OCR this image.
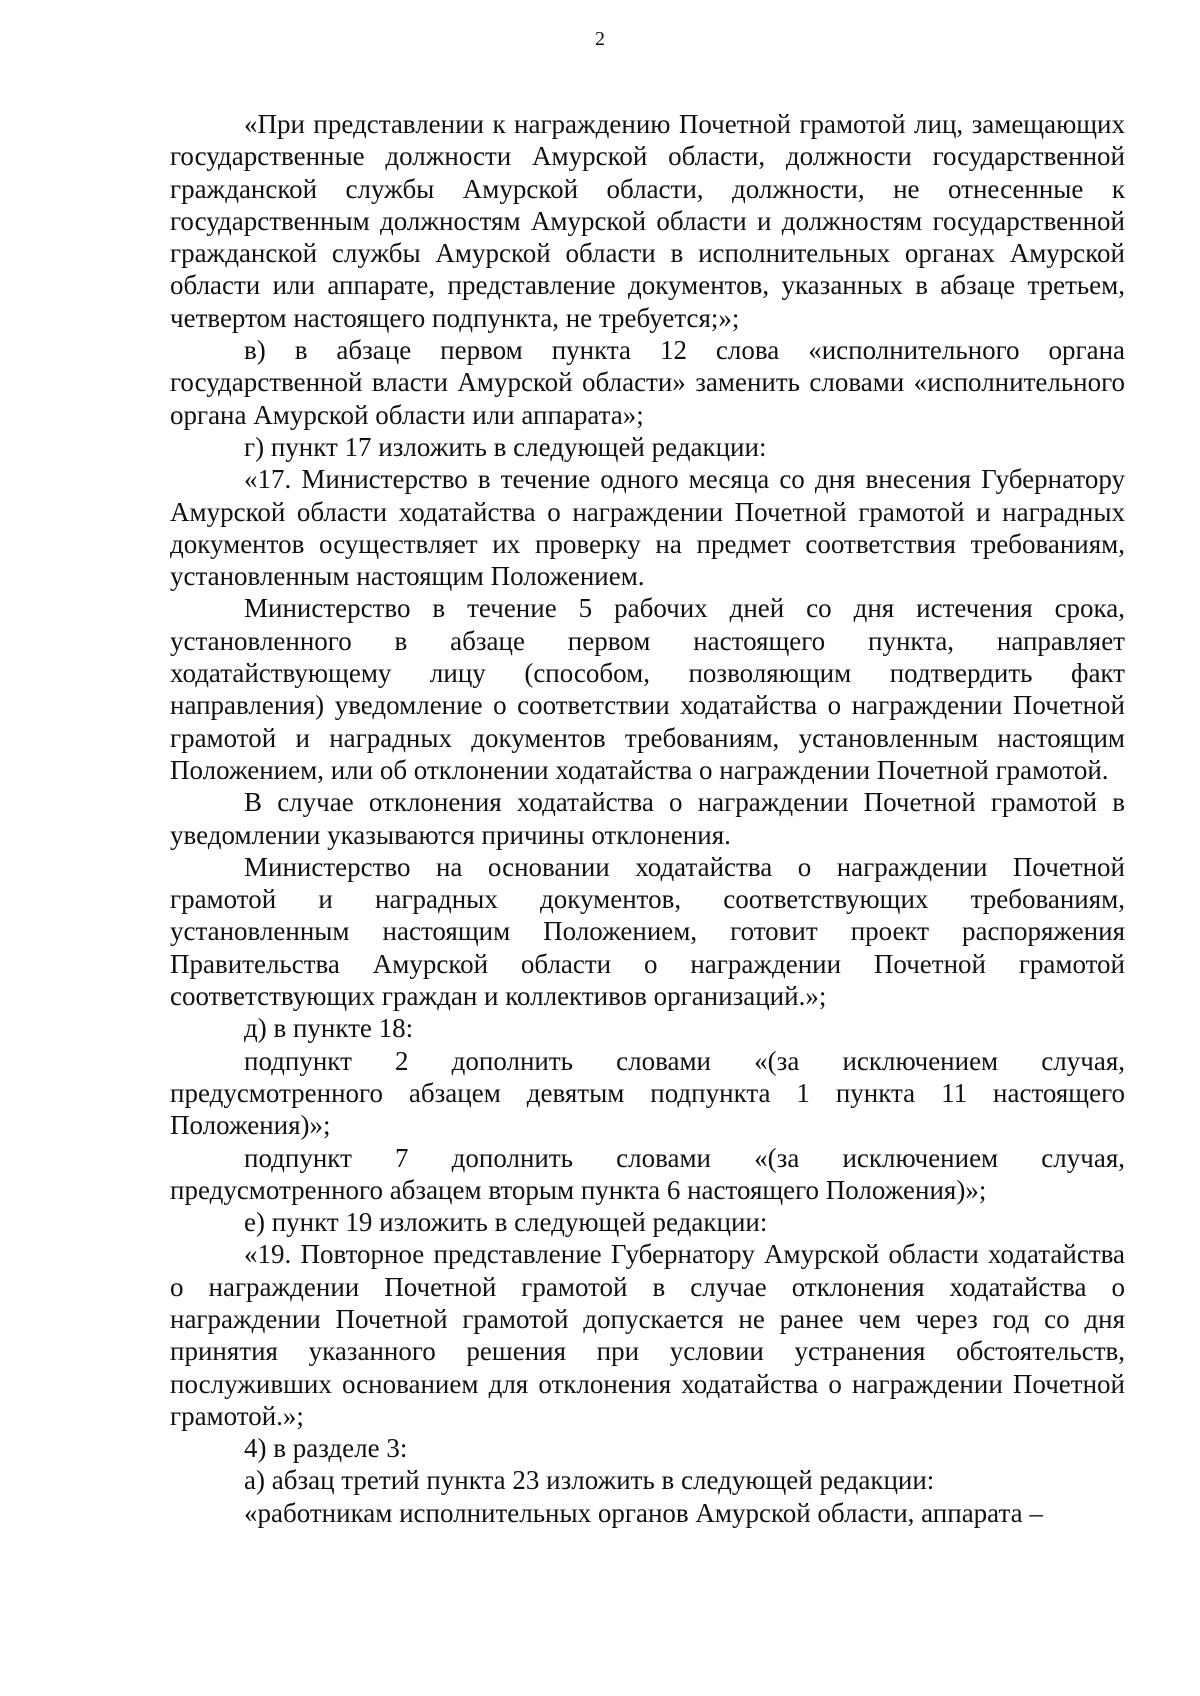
2

«При представлении к награждению Почетной грамотой лиц, замещающих государственные должности Амурской области, должности государственной гражданской службы Амурской области, должности, не отнесенные к государственным должностям Амурской области и должностям государственной гражданской службы Амурской области в исполнительных органах Амурской области или аппарате, представление документов, указанных в абзаце третьем, четвертом настоящего подпункта, не требуется;»;

в) в абзаце первом пункта 12 слова «исполнительного органа государственной власти Амурской области» заменить словами «исполнительного органа Амурской области или аппарата»;

г) пункт 17 изложить в следующей редакции:

«17. Министерство в течение одного месяца со дня внесения Губернатору Амурской области ходатайства о награждении Почетной грамотой и наградных документов осуществляет их проверку на предмет соответствия требованиям, установленным настоящим Положением.

Министерство в течение 5 рабочих дней со дня истечения срока, установленного в абзаце первом настоящего пункта, направляет ходатайствующему лицу (способом, позволяющим подтвердить факт направления) уведомление о соответствии ходатайства о награждении Почетной грамотой и наградных документов требованиям, установленным настоящим Положением, или об отклонении ходатайства о награждении Почетной грамотой.

В случае отклонения ходатайства о награждении Почетной грамотой в уведомлении указываются причины отклонения.

Министерство на основании ходатайства о награждении Почетной грамотой и наградных документов, соответствующих требованиям, установленным настоящим Положением, готовит проект распоряжения Правительства Амурской области о награждении Почетной грамотой соответствующих граждан и коллективов организаций.»;

д) в пункте 18:

подпункт 2 дополнить словами «(за исключением случая, предусмотренного абзацем девятым подпункта 1 пункта 11 настоящего Положения)»;

подпункт 7 дополнить словами «(за исключением случая, предусмотренного абзацем вторым пункта 6 настоящего Положения)»;

е) пункт 19 изложить в следующей редакции:

«19. Повторное представление Губернатору Амурской области ходатайства о награждении Почетной грамотой в случае отклонения ходатайства о награждении Почетной грамотой допускается не ранее чем через год со дня принятия указанного решения при условии устранения обстоятельств, послуживших основанием для отклонения ходатайства о награждении Почетной грамотой.»;

4) в разделе 3:

а) абзац третий пункта 23 изложить в следующей редакции:

«работникам исполнительных органов Амурской области, аппарата –
